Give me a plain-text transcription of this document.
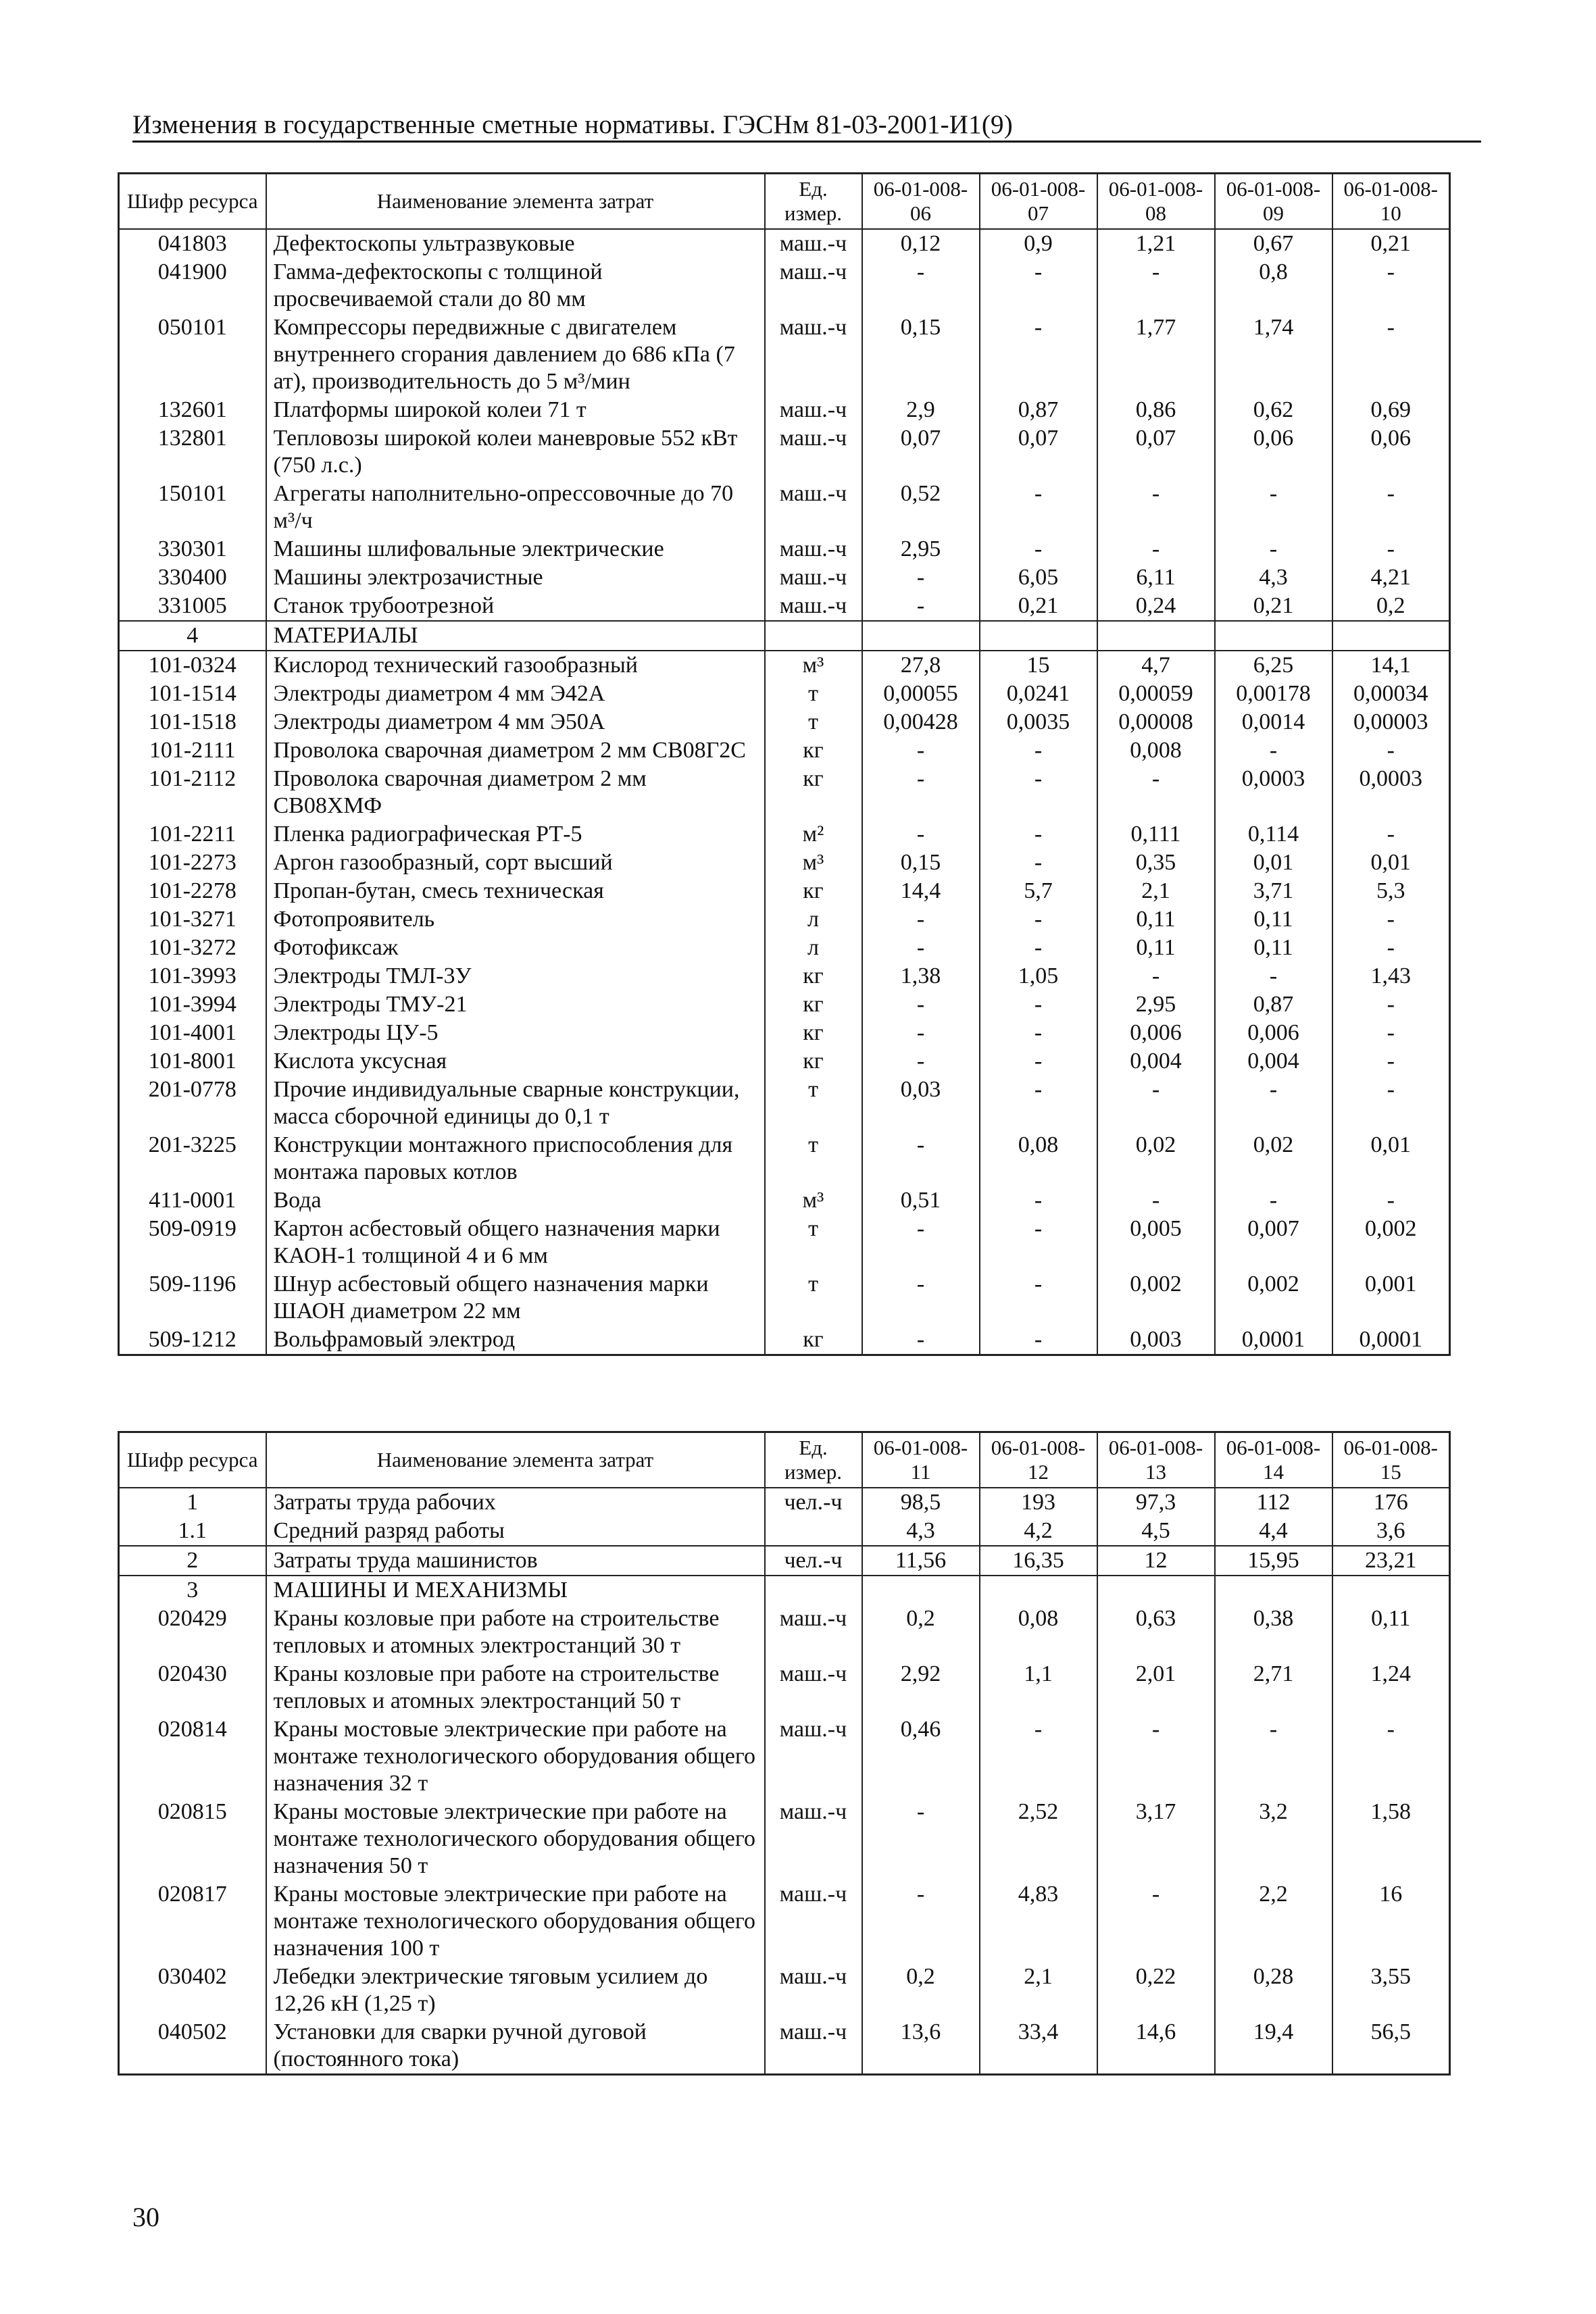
Изменения в государственные сметные нормативы. ГЭСНм 81-03-2001-И1(9)
Шифр ресурса	Наименование элемента затрат	Ед. измер.	06-01-008-06	06-01-008-07	06-01-008-08	06-01-008-09	06-01-008-10
041803	Дефектоскопы ультразвуковые	маш.-ч	0,12	0,9	1,21	0,67	0,21
041900	Гамма-дефектоскопы с толщиной просвечиваемой стали до 80 мм	маш.-ч	-	-	-	0,8	-
050101	Компрессоры передвижные с двигателем внутреннего сгорания давлением до 686 кПа (7 ат), производительность до 5 м³/мин	маш.-ч	0,15	-	1,77	1,74	-
132601	Платформы широкой колеи 71 т	маш.-ч	2,9	0,87	0,86	0,62	0,69
132801	Тепловозы широкой колеи маневровые 552 кВт (750 л.с.)	маш.-ч	0,07	0,07	0,07	0,06	0,06
150101	Агрегаты наполнительно-опрессовочные до 70 м³/ч	маш.-ч	0,52	-	-	-	-
330301	Машины шлифовальные электрические	маш.-ч	2,95	-	-	-	-
330400	Машины электрозачистные	маш.-ч	-	6,05	6,11	4,3	4,21
331005	Станок трубоотрезной	маш.-ч	-	0,21	0,24	0,21	0,2
4	МАТЕРИАЛЫ						
101-0324	Кислород технический газообразный	м³	27,8	15	4,7	6,25	14,1
101-1514	Электроды диаметром 4 мм Э42А	т	0,00055	0,0241	0,00059	0,00178	0,00034
101-1518	Электроды диаметром 4 мм Э50А	т	0,00428	0,0035	0,00008	0,0014	0,00003
101-2111	Проволока сварочная диаметром 2 мм СВ08Г2С	кг	-	-	0,008	-	-
101-2112	Проволока сварочная диаметром 2 мм СВ08ХМФ	кг	-	-	-	0,0003	0,0003
101-2211	Пленка радиографическая РТ-5	м²	-	-	0,111	0,114	-
101-2273	Аргон газообразный, сорт высший	м³	0,15	-	0,35	0,01	0,01
101-2278	Пропан-бутан, смесь техническая	кг	14,4	5,7	2,1	3,71	5,3
101-3271	Фотопроявитель	л	-	-	0,11	0,11	-
101-3272	Фотофиксаж	л	-	-	0,11	0,11	-
101-3993	Электроды ТМЛ-3У	кг	1,38	1,05	-	-	1,43
101-3994	Электроды ТМУ-21	кг	-	-	2,95	0,87	-
101-4001	Электроды ЦУ-5	кг	-	-	0,006	0,006	-
101-8001	Кислота уксусная	кг	-	-	0,004	0,004	-
201-0778	Прочие индивидуальные сварные конструкции, масса сборочной единицы до 0,1 т	т	0,03	-	-	-	-
201-3225	Конструкции монтажного приспособления для монтажа паровых котлов	т	-	0,08	0,02	0,02	0,01
411-0001	Вода	м³	0,51	-	-	-	-
509-0919	Картон асбестовый общего назначения марки КАОН-1 толщиной 4 и 6 мм	т	-	-	0,005	0,007	0,002
509-1196	Шнур асбестовый общего назначения марки ШАОН диаметром 22 мм	т	-	-	0,002	0,002	0,001
509-1212	Вольфрамовый электрод	кг	-	-	0,003	0,0001	0,0001
Шифр ресурса	Наименование элемента затрат	Ед. измер.	06-01-008-11	06-01-008-12	06-01-008-13	06-01-008-14	06-01-008-15
1	Затраты труда рабочих	чел.-ч	98,5	193	97,3	112	176
1.1	Средний разряд работы		4,3	4,2	4,5	4,4	3,6
2	Затраты труда машинистов	чел.-ч	11,56	16,35	12	15,95	23,21
3	МАШИНЫ И МЕХАНИЗМЫ						
020429	Краны козловые при работе на строительстве тепловых и атомных электростанций 30 т	маш.-ч	0,2	0,08	0,63	0,38	0,11
020430	Краны козловые при работе на строительстве тепловых и атомных электростанций 50 т	маш.-ч	2,92	1,1	2,01	2,71	1,24
020814	Краны мостовые электрические при работе на монтаже технологического оборудования общего назначения 32 т	маш.-ч	0,46	-	-	-	-
020815	Краны мостовые электрические при работе на монтаже технологического оборудования общего назначения 50 т	маш.-ч	-	2,52	3,17	3,2	1,58
020817	Краны мостовые электрические при работе на монтаже технологического оборудования общего назначения 100 т	маш.-ч	-	4,83	-	2,2	16
030402	Лебедки электрические тяговым усилием до 12,26 кН (1,25 т)	маш.-ч	0,2	2,1	0,22	0,28	3,55
040502	Установки для сварки ручной дуговой (постоянного тока)	маш.-ч	13,6	33,4	14,6	19,4	56,5
30
